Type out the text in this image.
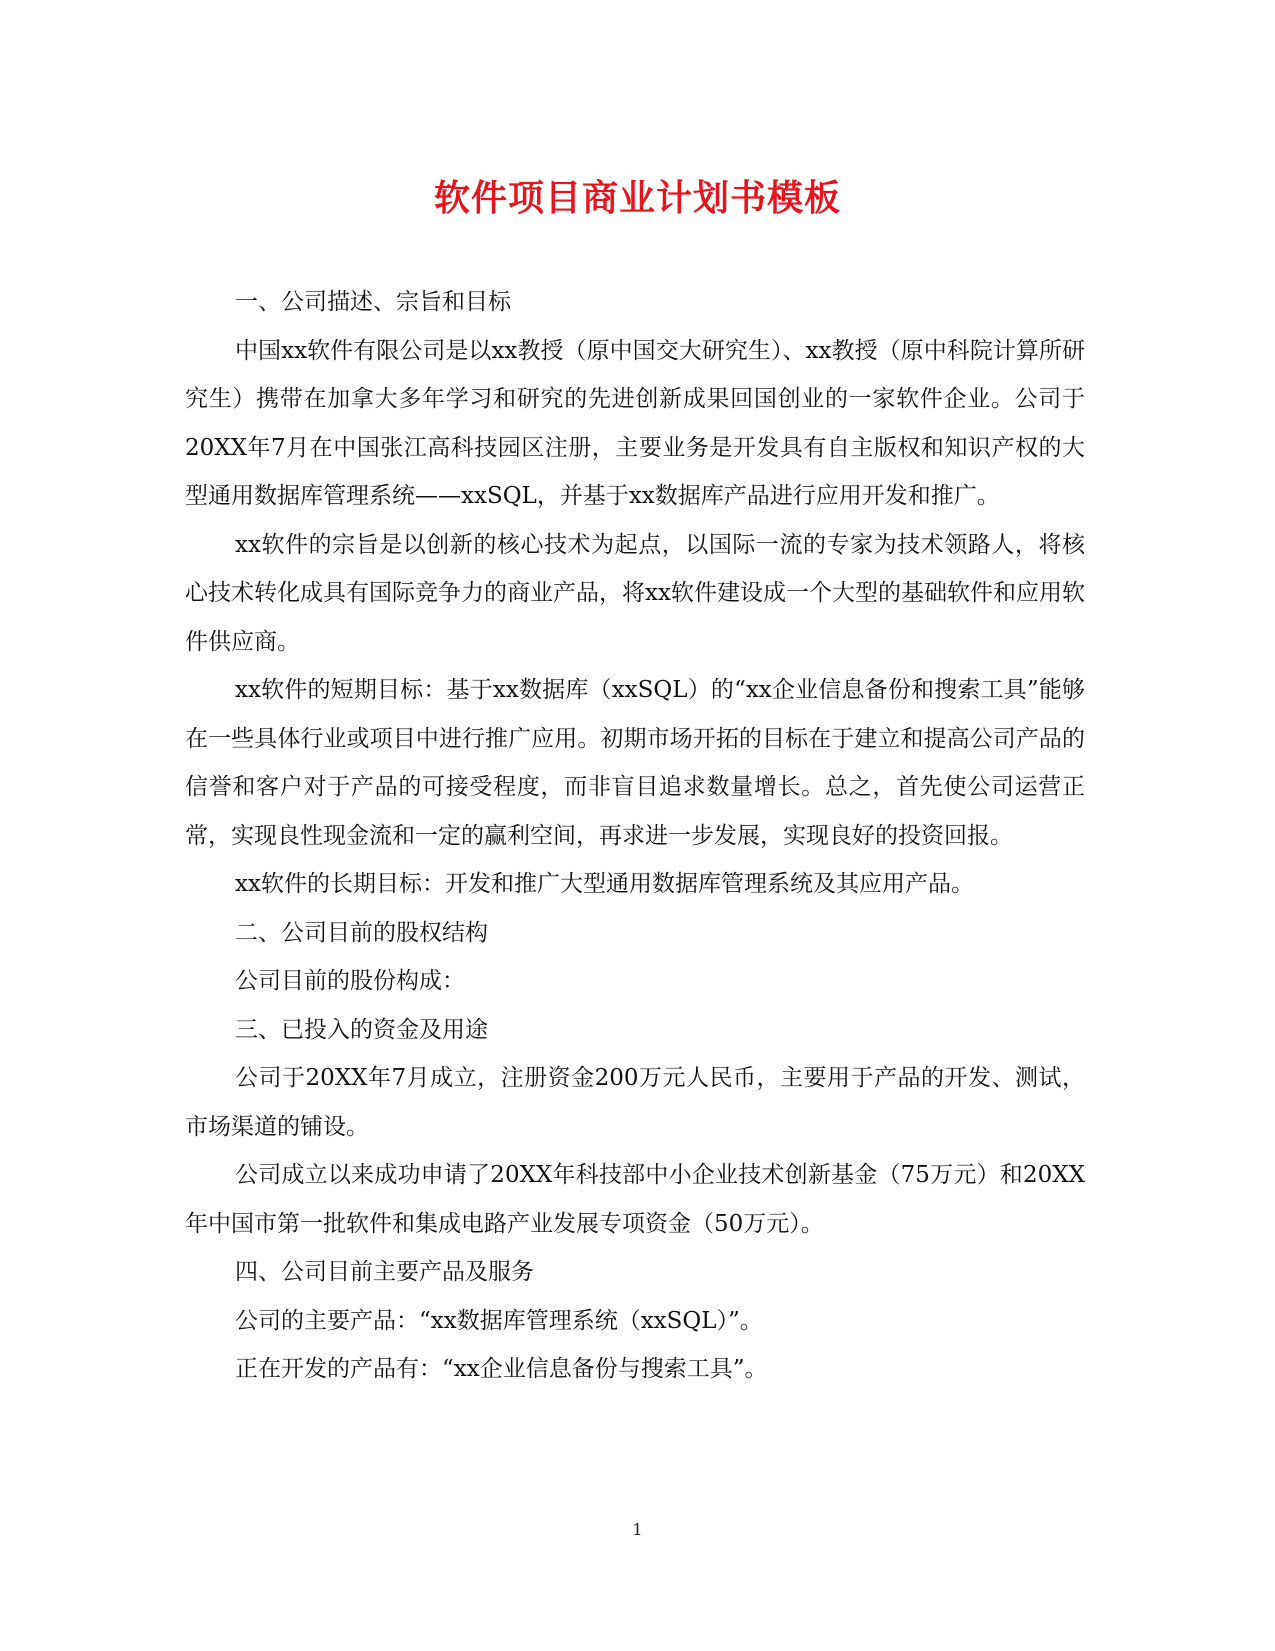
软件项目商业计划书模板

一、公司描述、宗旨和目标

中国xx软件有限公司是以xx教授（原中国交大研究生）、xx教授（原中科院计算所研究生）携带在加拿大多年学习和研究的先进创新成果回国创业的一家软件企业。公司于20XX年7月在中国张江高科技园区注册，主要业务是开发具有自主版权和知识产权的大型通用数据库管理系统——xxSQL，并基于xx数据库产品进行应用开发和推广。

xx软件的宗旨是以创新的核心技术为起点，以国际一流的专家为技术领路人，将核心技术转化成具有国际竞争力的商业产品，将xx软件建设成一个大型的基础软件和应用软件供应商。

xx软件的短期目标：基于xx数据库（xxSQL）的“xx企业信息备份和搜索工具”能够在一些具体行业或项目中进行推广应用。初期市场开拓的目标在于建立和提高公司产品的信誉和客户对于产品的可接受程度，而非盲目追求数量增长。总之，首先使公司运营正常，实现良性现金流和一定的赢利空间，再求进一步发展，实现良好的投资回报。

xx软件的长期目标：开发和推广大型通用数据库管理系统及其应用产品。

二、公司目前的股权结构

公司目前的股份构成：

三、已投入的资金及用途

公司于20XX年7月成立，注册资金200万元人民币，主要用于产品的开发、测试，市场渠道的铺设。

公司成立以来成功申请了20XX年科技部中小企业技术创新基金（75万元）和20XX年中国市第一批软件和集成电路产业发展专项资金（50万元）。

四、公司目前主要产品及服务

公司的主要产品：“xx数据库管理系统（xxSQL）”。

正在开发的产品有：“xx企业信息备份与搜索工具”。

1
